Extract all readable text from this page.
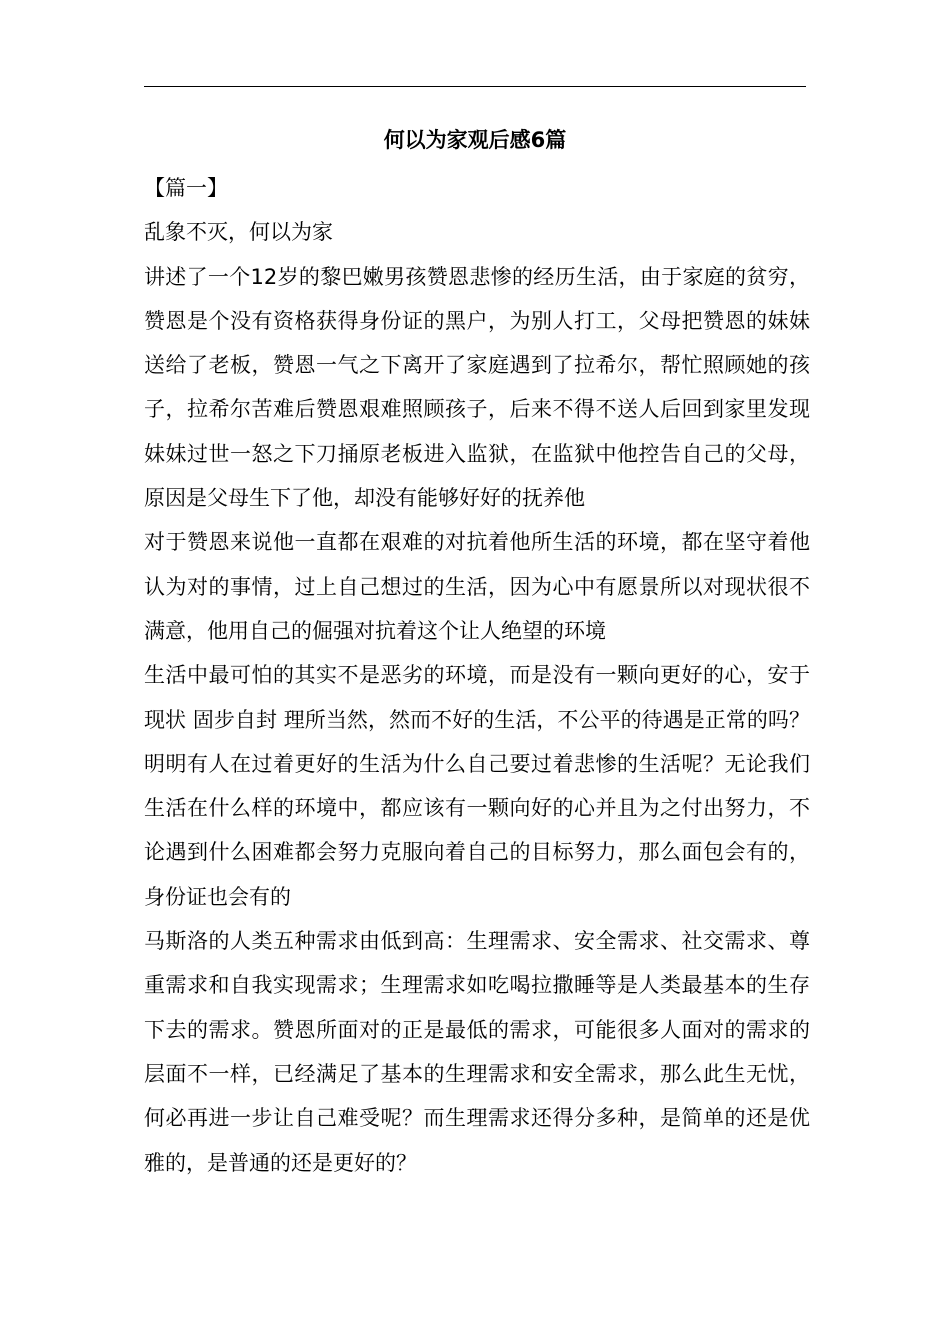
何以为家观后感6篇

【篇一】

乱象不灭，何以为家

讲述了一个12岁的黎巴嫩男孩赞恩悲惨的经历生活，由于家庭的贫穷，赞恩是个没有资格获得身份证的黑户，为别人打工，父母把赞恩的妹妹送给了老板，赞恩一气之下离开了家庭遇到了拉希尔，帮忙照顾她的孩子，拉希尔苦难后赞恩艰难照顾孩子，后来不得不送人后回到家里发现妹妹过世一怒之下刀捅原老板进入监狱，在监狱中他控告自己的父母，原因是父母生下了他，却没有能够好好的抚养他

对于赞恩来说他一直都在艰难的对抗着他所生活的环境，都在坚守着他认为对的事情，过上自己想过的生活，因为心中有愿景所以对现状很不满意，他用自己的倔强对抗着这个让人绝望的环境

生活中最可怕的其实不是恶劣的环境，而是没有一颗向更好的心，安于现状 固步自封 理所当然，然而不好的生活，不公平的待遇是正常的吗？明明有人在过着更好的生活为什么自己要过着悲惨的生活呢？无论我们生活在什么样的环境中，都应该有一颗向好的心并且为之付出努力，不论遇到什么困难都会努力克服向着自己的目标努力，那么面包会有的，身份证也会有的

马斯洛的人类五种需求由低到高：生理需求、安全需求、社交需求、尊重需求和自我实现需求；生理需求如吃喝拉撒睡等是人类最基本的生存下去的需求。赞恩所面对的正是最低的需求，可能很多人面对的需求的层面不一样，已经满足了基本的生理需求和安全需求，那么此生无忧，何必再进一步让自己难受呢？而生理需求还得分多种，是简单的还是优雅的，是普通的还是更好的？
